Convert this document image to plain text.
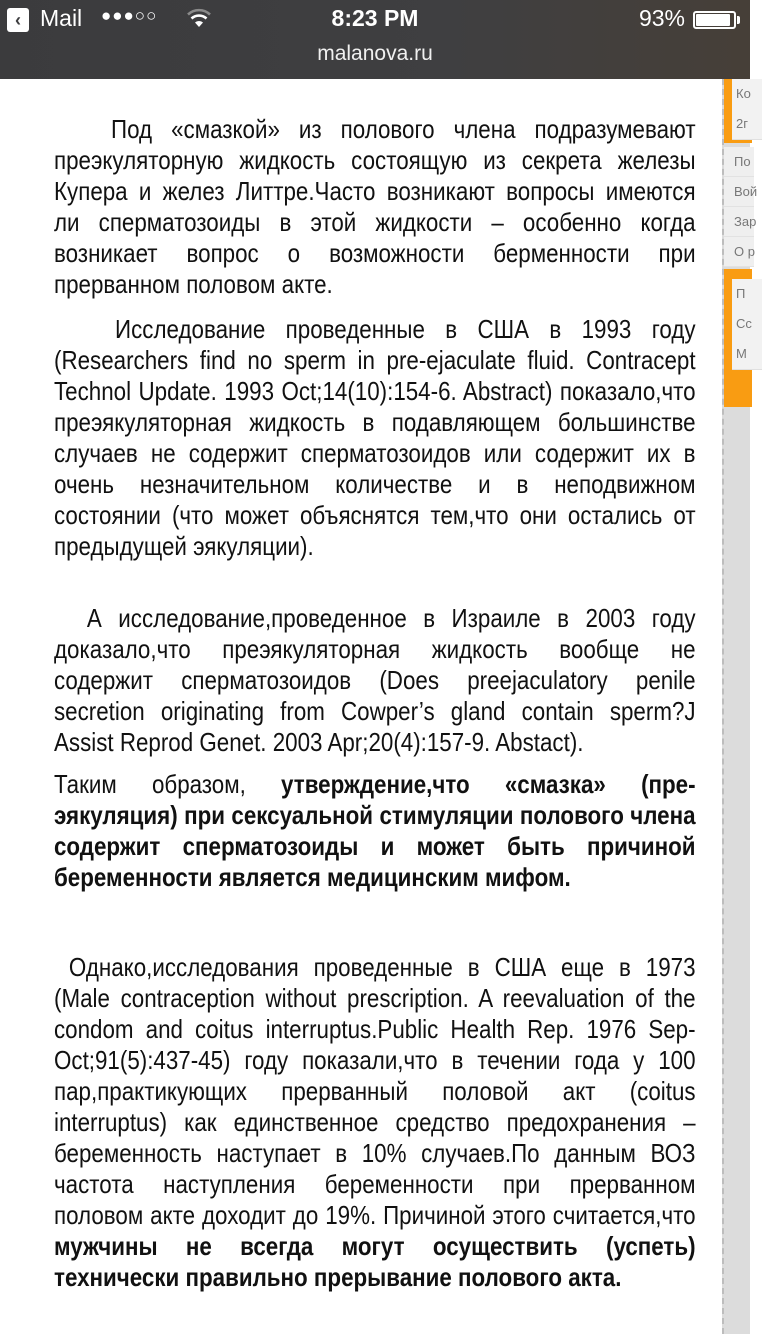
‹ Mail ●●●○○	8:23 PM	93%
malanova.ru

Под «смазкой» из полового члена подразумевают преэкуляторную жидкость состоящую из секрета железы Купера и желез Литтре.Часто возникают вопросы имеются ли сперматозоиды в этой жидкости – особенно когда возникает вопрос о возможности берменности при прерванном половом акте.

Исследование проведенные в США в 1993 году (Researchers find no sperm in pre-ejaculate fluid. Contracept Technol Update. 1993 Oct;14(10):154-6. Abstract) показало,что преэякуляторная жидкость в подавляющем большинстве случаев не содержит сперматозоидов или содержит их в очень незначительном количестве и в неподвижном состоянии (что может объяснятся тем,что они остались от предыдущей эякуляции).

А исследование,проведенное в Израиле в 2003 году доказало,что преэякуляторная жидкость вообще не содержит сперматозоидов (Does preejaculatory penile secretion originating from Cowper’s gland contain sperm?J Assist Reprod Genet. 2003 Apr;20(4):157-9. Abstact).

Таким образом, утверждение,что «смазка» (пре-эякуляция) при сексуальной стимуляции полового члена содержит сперматозоиды и может быть причиной беременности является медицинским мифом.

Однако,исследования проведенные в США еще в 1973 (Male contraception without prescription. A reevaluation of the condom and coitus interruptus.Public Health Rep. 1976 Sep-Oct;91(5):437-45) году показали,что в течении года у 100 пар,практикующих прерванный половой акт (coitus interruptus) как единственное средство предохранения – беременность наступает в 10% случаев.По данным ВОЗ частота наступления беременности при прерванном половом акте доходит до 19%. Причиной этого считается,что мужчины не всегда могут осуществить (успеть) технически правильно прерывание полового акта.

Ко
2г
По
Вой
Зар
О р
П
Сс
М
